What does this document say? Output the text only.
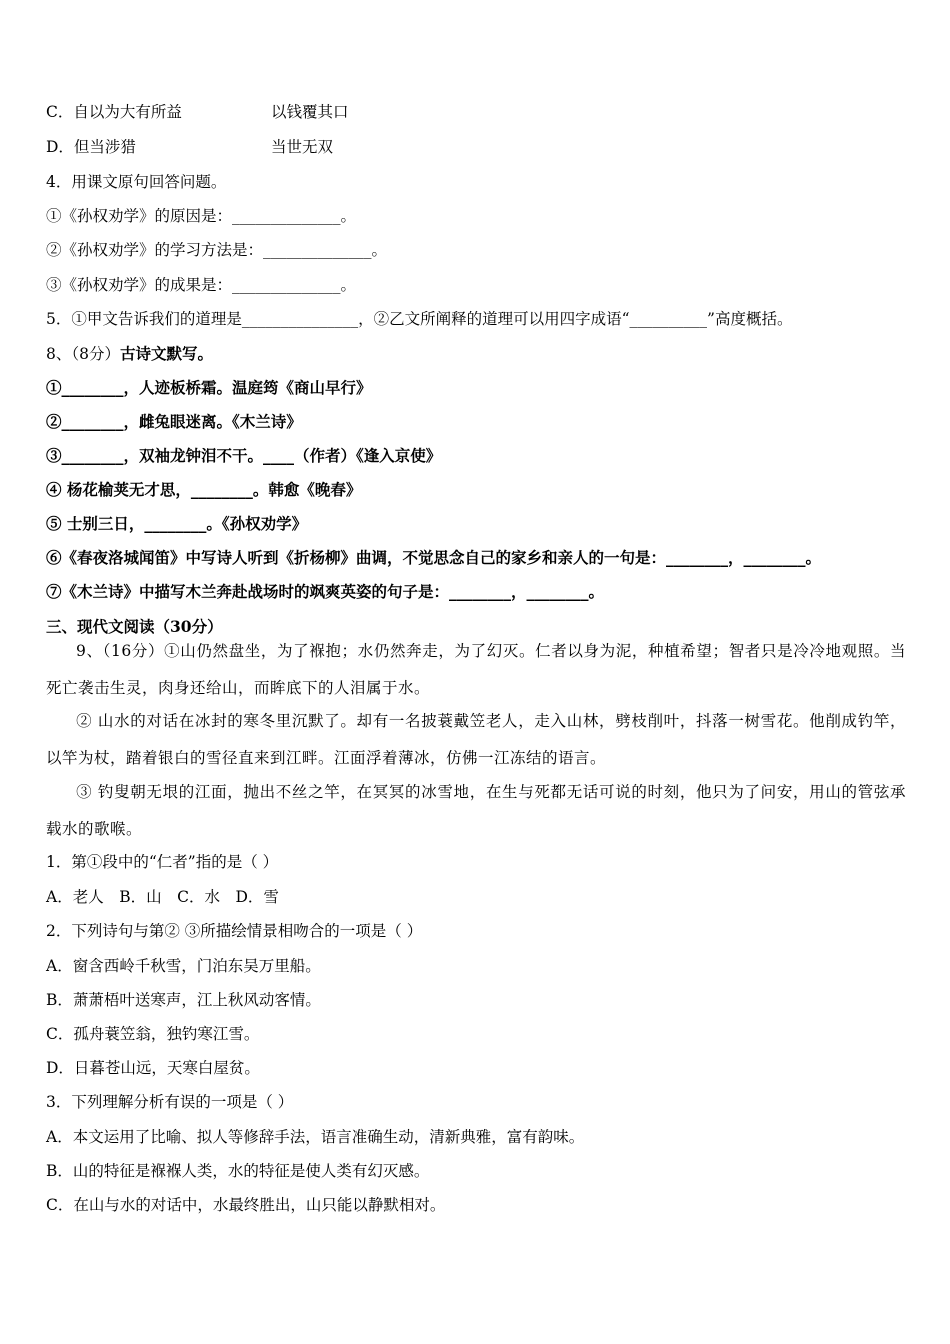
C．自以为大有所益	以钱覆其口
D．但当涉猎	当世无双
4．用课文原句回答问题。
①《孙权劝学》的原因是：______________。
②《孙权劝学》的学习方法是：______________。
③《孙权劝学》的成果是：______________。
5．①甲文告诉我们的道理是_______________，②乙文所阐释的道理可以用四字成语“__________”高度概括。
8、（8分）古诗文默写。
①________，人迹板桥霜。温庭筠《商山早行》
②________，雌兔眼迷离。《木兰诗》
③________，双袖龙钟泪不干。____（作者）《逢入京使》
④ 杨花榆荚无才思，________。韩愈《晚春》
⑤ 士别三日，________。《孙权劝学》
⑥《春夜洛城闻笛》中写诗人听到《折杨柳》曲调，不觉思念自己的家乡和亲人的一句是：________，________。
⑦《木兰诗》中描写木兰奔赴战场时的飒爽英姿的句子是：________，________。
三、现代文阅读（30分）
9、（16分）①山仍然盘坐，为了褓抱；水仍然奔走，为了幻灭。仁者以身为泥，种植希望；智者只是冷冷地观照。当死亡袭击生灵，肉身还给山，而眸底下的人泪属于水。
② 山水的对话在冰封的寒冬里沉默了。却有一名披蓑戴笠老人，走入山林，劈枝削叶，抖落一树雪花。他削成钓竿，以竿为杖，踏着银白的雪径直来到江畔。江面浮着薄冰，仿佛一江冻结的语言。
③ 钓叟朝无垠的江面，抛出不丝之竿，在冥冥的冰雪地，在生与死都无话可说的时刻，他只为了问安，用山的管弦承载水的歌喉。
1．第①段中的“仁者”指的是（ ）
A．老人　B．山　C．水　D．雪
2．下列诗句与第② ③所描绘情景相吻合的一项是（ ）
A．窗含西岭千秋雪，门泊东吴万里船。
B．萧萧梧叶送寒声，江上秋风动客情。
C．孤舟蓑笠翁，独钓寒江雪。
D．日暮苍山远，天寒白屋贫。
3．下列理解分析有误的一项是（ ）
A．本文运用了比喻、拟人等修辞手法，语言准确生动，清新典雅，富有韵味。
B．山的特征是褓褓人类，水的特征是使人类有幻灭感。
C．在山与水的对话中，水最终胜出，山只能以静默相对。
